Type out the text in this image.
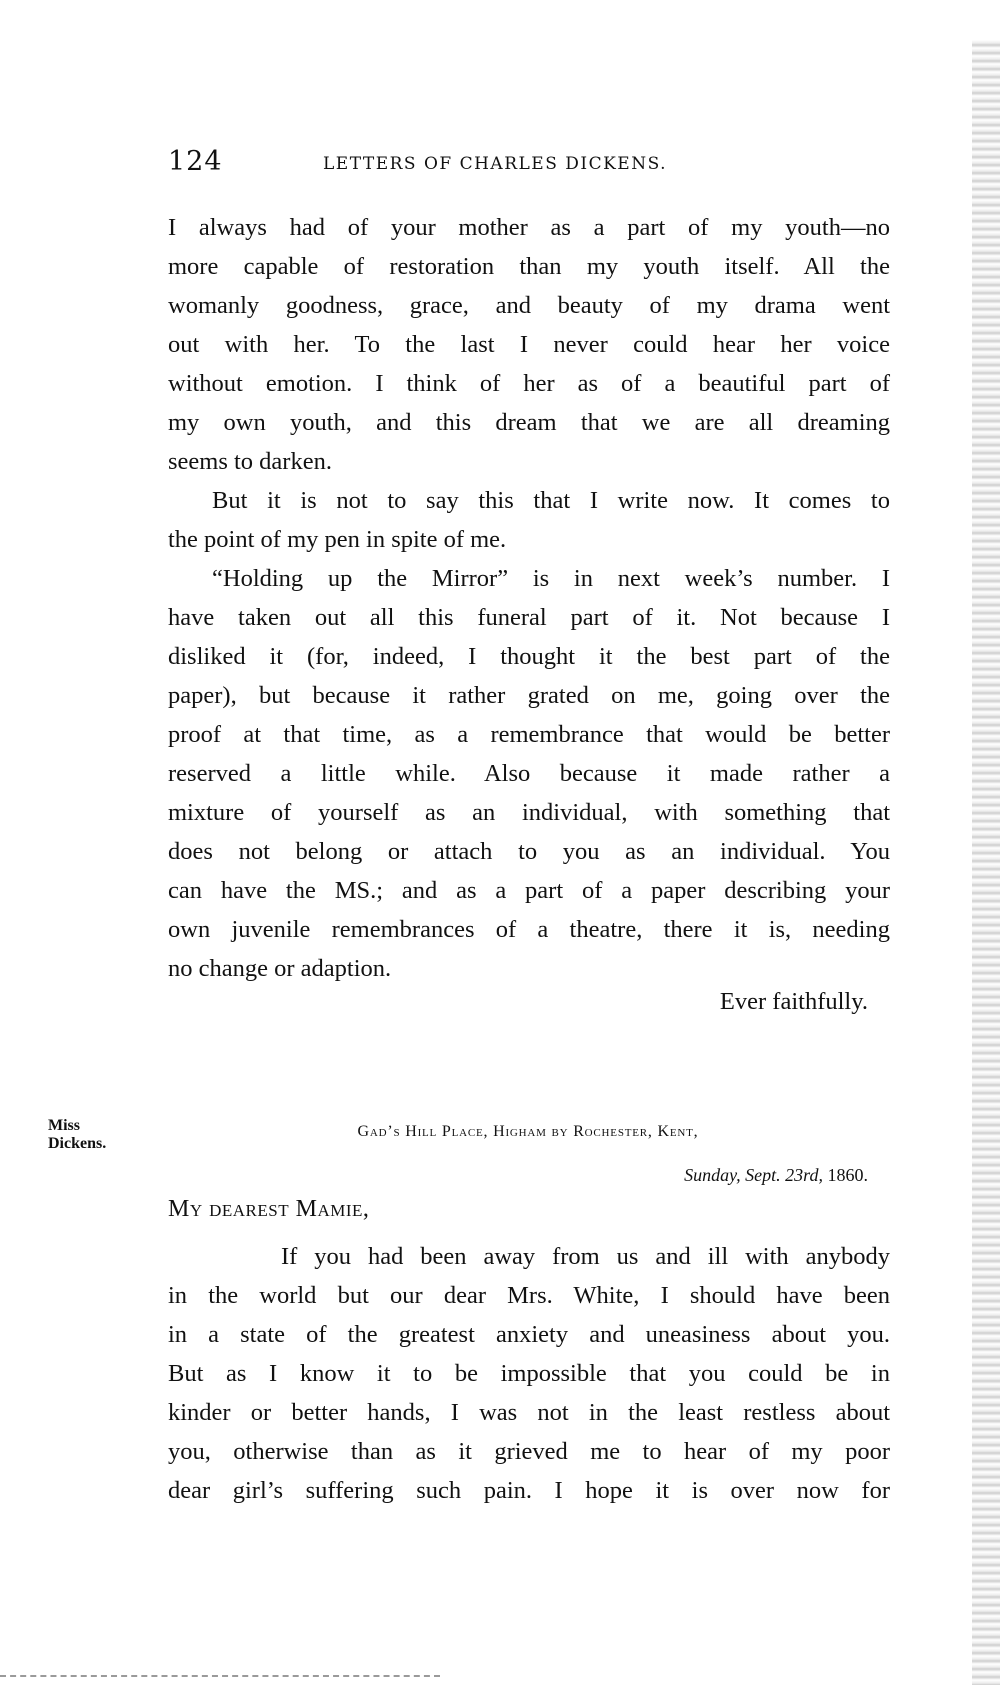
124	LETTERS OF CHARLES DICKENS.
I always had of your mother as a part of my youth—no
more capable of restoration than my youth itself. All the
womanly goodness, grace, and beauty of my drama went
out with her. To the last I never could hear her voice
without emotion. I think of her as of a beautiful part of
my own youth, and this dream that we are all dreaming
seems to darken.
But it is not to say this that I write now. It comes to
the point of my pen in spite of me.
“Holding up the Mirror” is in next week’s number. I
have taken out all this funeral part of it. Not because I
disliked it (for, indeed, I thought it the best part of the
paper), but because it rather grated on me, going over the
proof at that time, as a remembrance that would be better
reserved a little while. Also because it made rather a
mixture of yourself as an individual, with something that
does not belong or attach to you as an individual. You
can have the MS.; and as a part of a paper describing your
own juvenile remembrances of a theatre, there it is, needing
no change or adaption.
Ever faithfully.
Miss
Dickens.
Gad’s Hill Place, Higham by Rochester, Kent,
Sunday, Sept. 23rd, 1860.
My dearest Mamie,
If you had been away from us and ill with anybody
in the world but our dear Mrs. White, I should have been
in a state of the greatest anxiety and uneasiness about you.
But as I know it to be impossible that you could be in
kinder or better hands, I was not in the least restless about
you, otherwise than as it grieved me to hear of my poor
dear girl’s suffering such pain. I hope it is over now for
